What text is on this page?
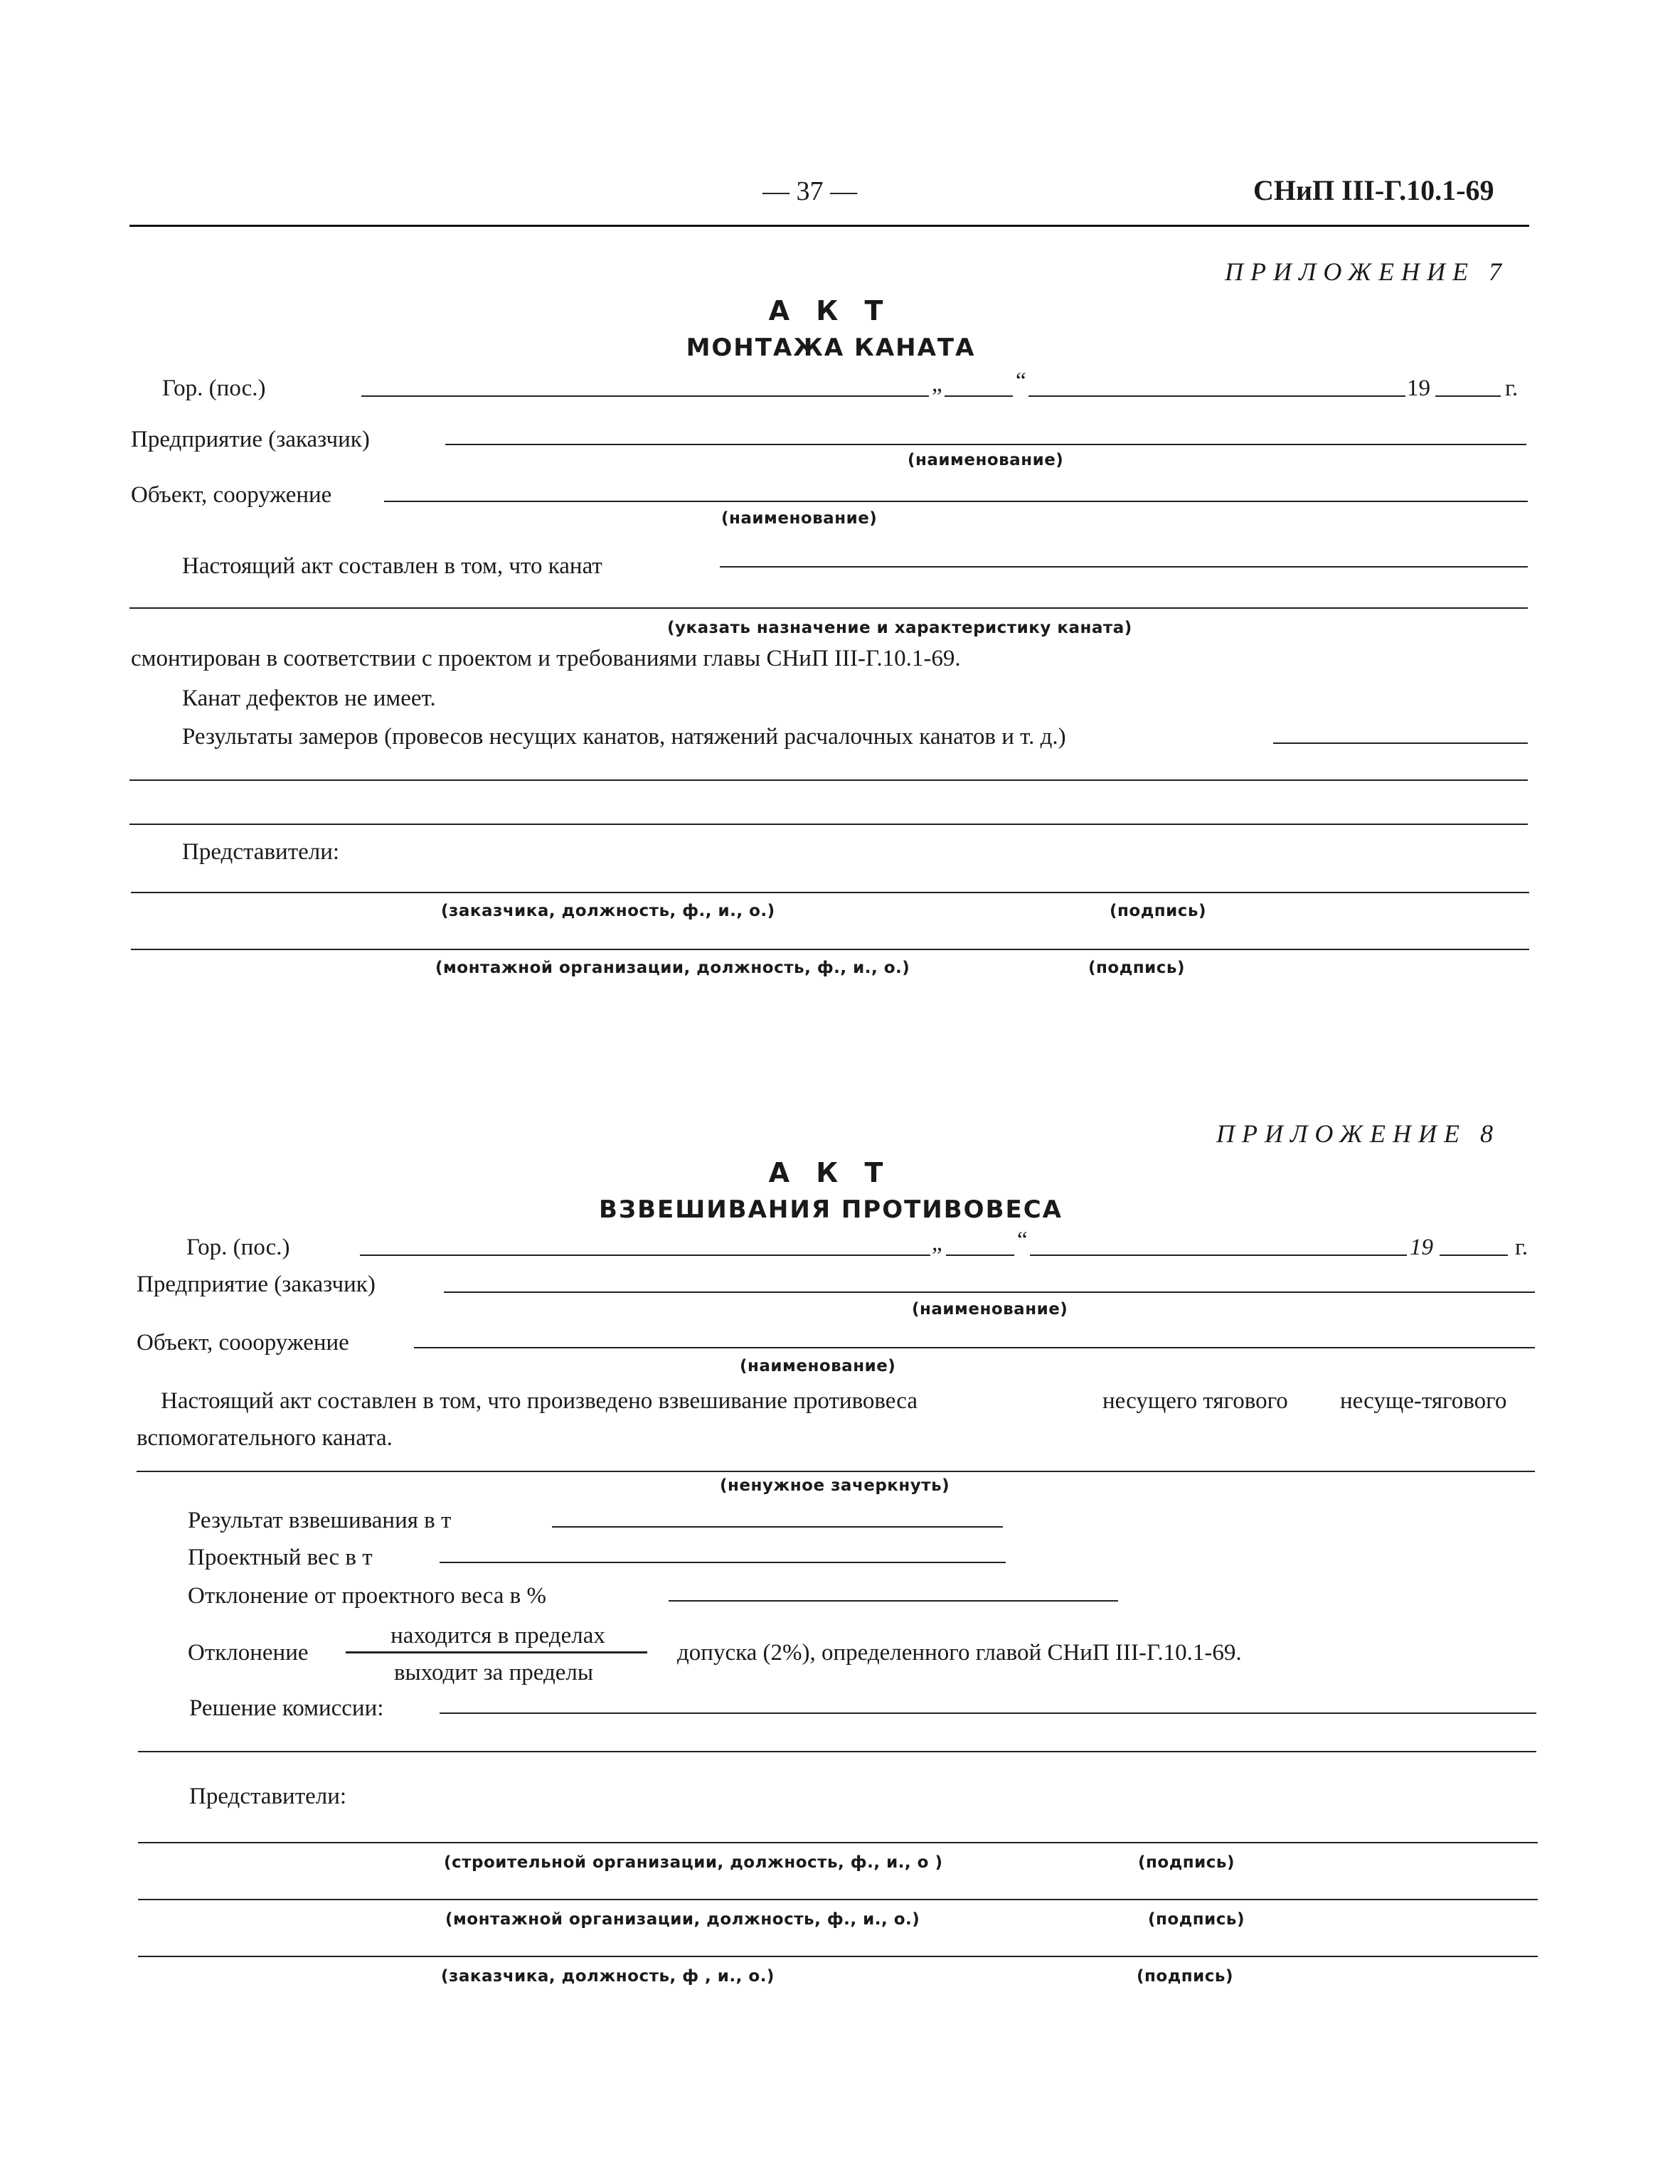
— 37 —	СНиП III-Г.10.1-69
ПРИЛОЖЕНИЕ 7
А К Т
МОНТАЖА КАНАТА
Гор. (пос.)	„	“	19	г.
Предприятие (заказчик)
(наименование)
Объект, сооружение
(наименование)
Настоящий акт составлен в том, что канат
(указать назначение и характеристику каната)
смонтирован в соответствии с проектом и требованиями главы СНиП III-Г.10.1-69.
Канат дефектов не имеет.
Результаты замеров (провесов несущих канатов, натяжений расчалочных канатов и т. д.)
Представители:
(заказчика, должность, ф., и., о.)	(подпись)
(монтажной организации, должность, ф., и., о.)	(подпись)
ПРИЛОЖЕНИЕ 8
А К Т
ВЗВЕШИВАНИЯ ПРОТИВОВЕСА
Гор. (пос.)	„	“	19	г.
Предприятие (заказчик)
(наименование)
Объект, соооружение
(наименование)
Настоящий акт составлен в том, что произведено взвешивание противовеса	несущего тягового несуще-тягового
вспомогательного каната.
(ненужное зачеркнуть)
Результат взвешивания в т
Проектный вес в т
Отклонение от проектного веса в %
Отклонение
находится в пределах
выходит за пределы
допуска (2%), определенного главой СНиП III-Г.10.1-69.
Решение комиссии:
Представители:
(строительной организации, должность, ф., и., о )	(подпись)
(монтажной организации, должность, ф., и., о.)	(подпись)
(заказчика, должность, ф , и., о.)	(подпись)
